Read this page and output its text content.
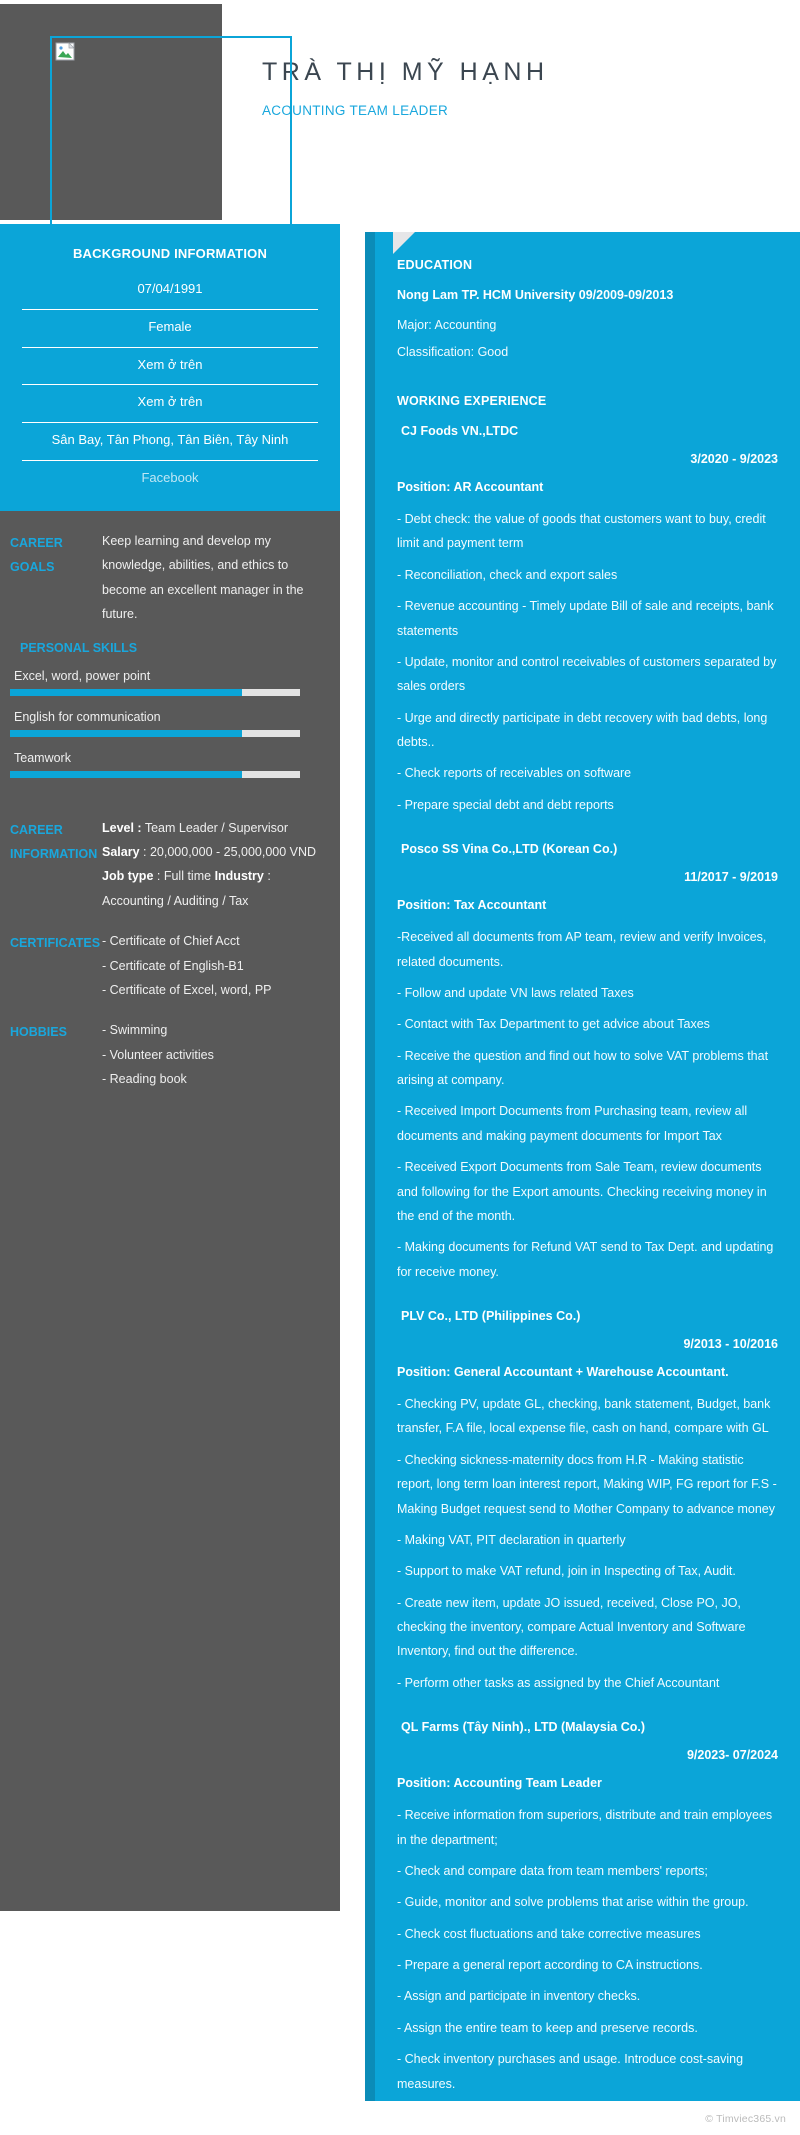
TRÀ THỊ MỸ HẠNH
ACOUNTING TEAM LEADER
BACKGROUND INFORMATION
07/04/1991
Female
Xem ở trên
Xem ở trên
Sân Bay, Tân Phong, Tân Biên, Tây Ninh
Facebook
CAREER GOALS

Keep learning and develop my knowledge, abilities, and ethics to become an excellent manager in the future.

PERSONAL SKILLS
Excel, word, power point
English for communication
Teamwork
CAREER INFORMATION

Level : Team Leader / Supervisor

Salary : 20,000,000 - 25,000,000 VND

Job type : Full time Industry : Accounting / Auditing / Tax

CERTIFICATES - Certificate of Chief Acct

- Certificate of English-B1

- Certificate of Excel, word, PP

HOBBIES	- Swimming

- Volunteer activities

- Reading book

EDUCATION
Nong Lam TP. HCM University 09/2009-09/2013
Major: Accounting
Classification: Good
WORKING EXPERIENCE
CJ Foods VN.,LTDC
3/2020 - 9/2023
Position: AR Accountant
- Debt check: the value of goods that customers want to buy, credit limit and payment term
- Reconciliation, check and export sales
- Revenue accounting - Timely update Bill of sale and receipts, bank statements
- Update, monitor and control receivables of customers separated by sales orders
- Urge and directly participate in debt recovery with bad debts, long debts..
- Check reports of receivables on software
- Prepare special debt and debt reports
Posco SS Vina Co.,LTD (Korean Co.)
11/2017 - 9/2019
Position: Tax Accountant
-Received all documents from AP team, review and verify Invoices, related documents.
- Follow and update VN laws related Taxes
- Contact with Tax Department to get advice about Taxes
- Receive the question and find out how to solve VAT problems that arising at company.
- Received Import Documents from Purchasing team, review all documents and making payment documents for Import Tax
- Received Export Documents from Sale Team, review documents and following for the Export amounts. Checking receiving money in the end of the month.
- Making documents for Refund VAT send to Tax Dept. and updating for receive money.
PLV Co., LTD (Philippines Co.)
9/2013 - 10/2016
Position: General Accountant + Warehouse Accountant.
- Checking PV, update GL, checking, bank statement, Budget, bank transfer, F.A file, local expense file, cash on hand, compare with GL
- Checking sickness-maternity docs from H.R - Making statistic report, long term loan interest report, Making WIP, FG report for F.S - Making Budget request send to Mother Company to advance money
- Making VAT, PIT declaration in quarterly
- Support to make VAT refund, join in Inspecting of Tax, Audit.
- Create new item, update JO issued, received, Close PO, JO, checking the inventory, compare Actual Inventory and Software Inventory, find out the difference.
- Perform other tasks as assigned by the Chief Accountant
QL Farms (Tây Ninh)., LTD (Malaysia Co.)
9/2023- 07/2024
Position: Accounting Team Leader
- Receive information from superiors, distribute and train employees in the department;
- Check and compare data from team members' reports;
- Guide, monitor and solve problems that arise within the group.
- Check cost fluctuations and take corrective measures
- Prepare a general report according to CA instructions.
- Assign and participate in inventory checks.
- Assign the entire team to keep and preserve records.
- Check inventory purchases and usage. Introduce cost-saving measures.
© Timviec365.vn
